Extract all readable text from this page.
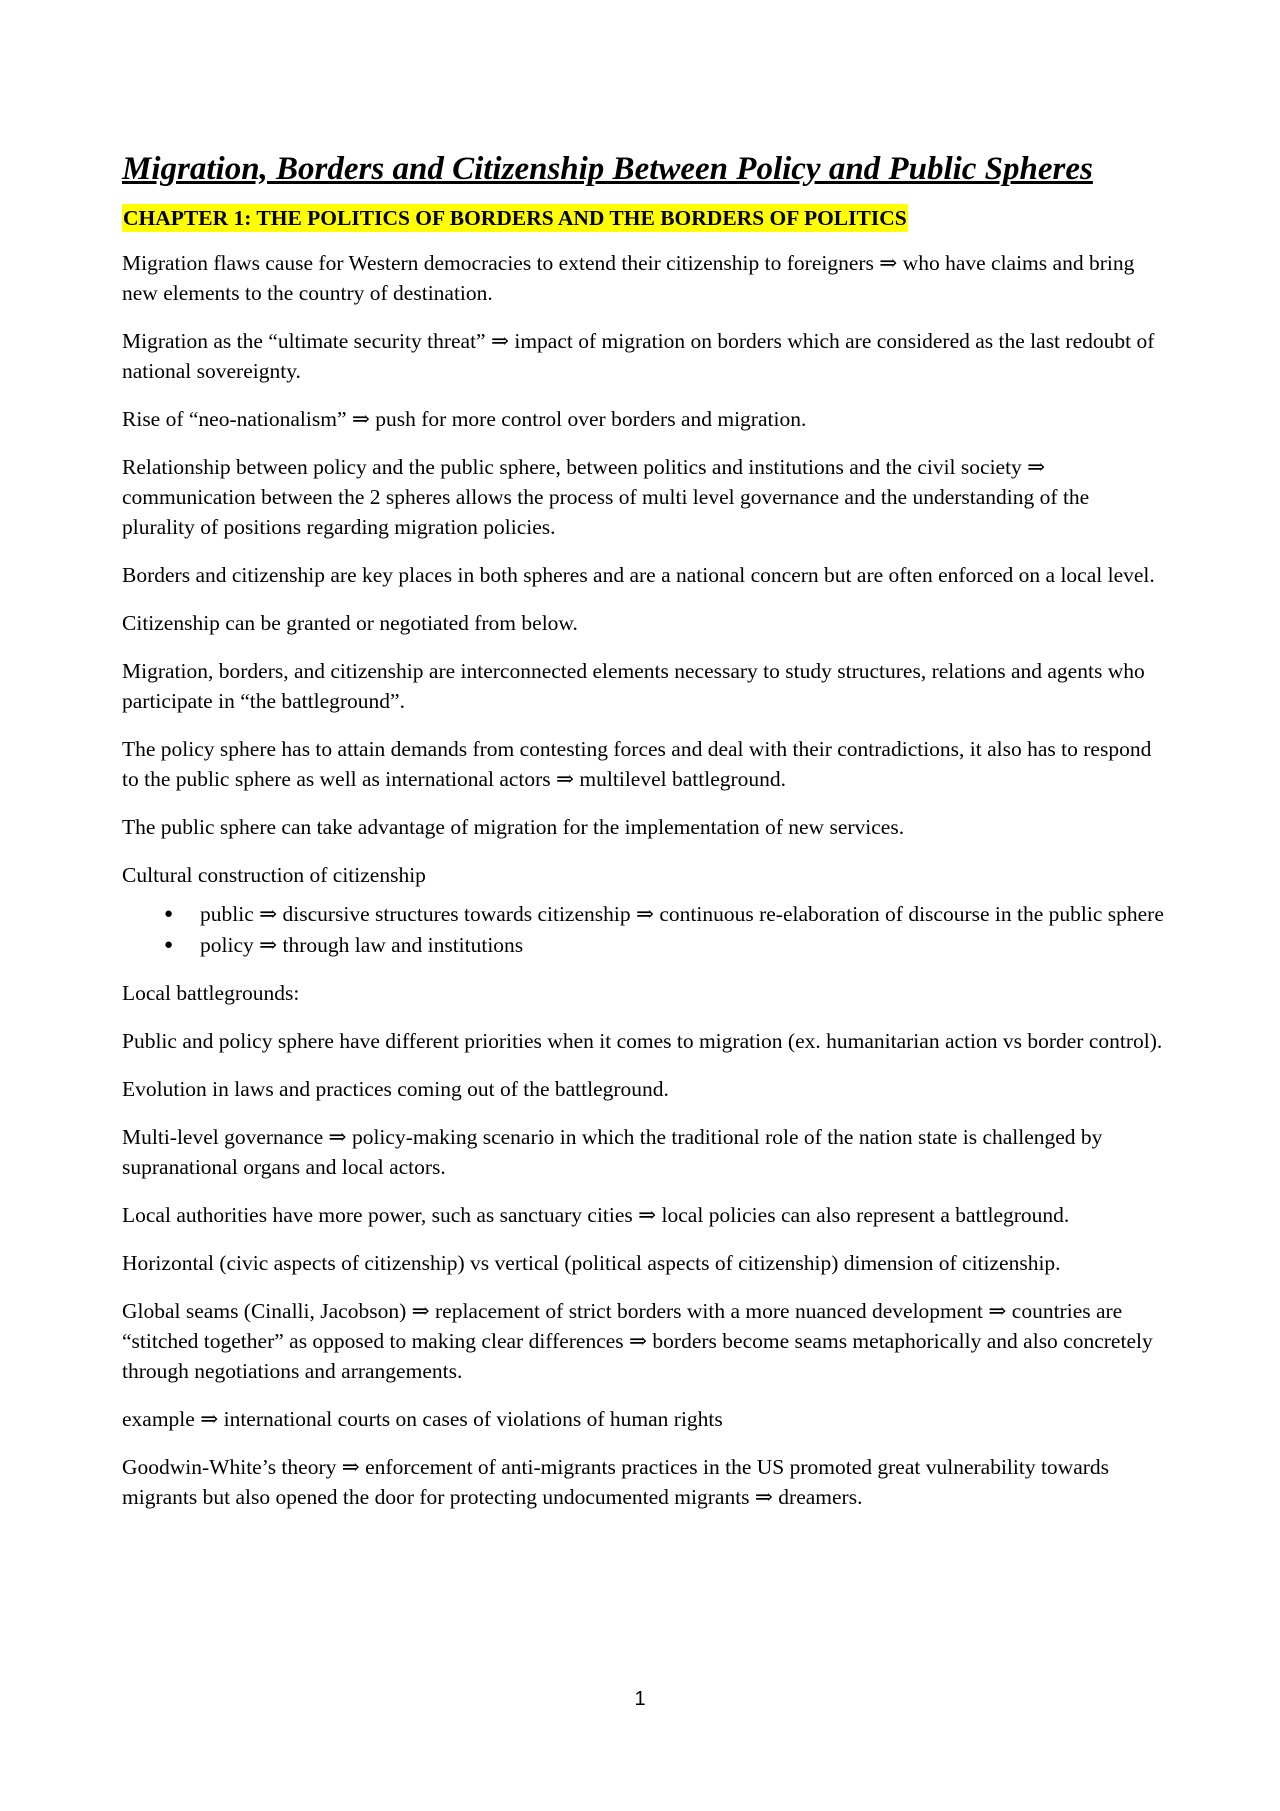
Migration, Borders and Citizenship Between Policy and Public Spheres
CHAPTER 1: THE POLITICS OF BORDERS AND THE BORDERS OF POLITICS

Migration flaws cause for Western democracies to extend their citizenship to foreigners ⇒ who have claims and bring new elements to the country of destination.

Migration as the “ultimate security threat” ⇒ impact of migration on borders which are considered as the last redoubt of national sovereignty.

Rise of “neo-nationalism” ⇒ push for more control over borders and migration.

Relationship between policy and the public sphere, between politics and institutions and the civil society ⇒ communication between the 2 spheres allows the process of multi level governance and the understanding of the plurality of positions regarding migration policies.

Borders and citizenship are key places in both spheres and are a national concern but are often enforced on a local level.

Citizenship can be granted or negotiated from below.

Migration, borders, and citizenship are interconnected elements necessary to study structures, relations and agents who participate in “the battleground”.

The policy sphere has to attain demands from contesting forces and deal with their contradictions, it also has to respond to the public sphere as well as international actors ⇒ multilevel battleground.

The public sphere can take advantage of migration for the implementation of new services.

Cultural construction of citizenship

● public ⇒ discursive structures towards citizenship ⇒ continuous re-elaboration of discourse in the public sphere
● policy ⇒ through law and institutions

Local battlegrounds:

Public and policy sphere have different priorities when it comes to migration (ex. humanitarian action vs border control).

Evolution in laws and practices coming out of the battleground.

Multi-level governance ⇒ policy-making scenario in which the traditional role of the nation state is challenged by supranational organs and local actors.

Local authorities have more power, such as sanctuary cities ⇒ local policies can also represent a battleground.

Horizontal (civic aspects of citizenship) vs vertical (political aspects of citizenship) dimension of citizenship.

Global seams (Cinalli, Jacobson) ⇒ replacement of strict borders with a more nuanced development ⇒ countries are “stitched together” as opposed to making clear differences ⇒ borders become seams metaphorically and also concretely through negotiations and arrangements.

example ⇒ international courts on cases of violations of human rights

Goodwin-White’s theory ⇒ enforcement of anti-migrants practices in the US promoted great vulnerability towards migrants but also opened the door for protecting undocumented migrants ⇒ dreamers.

1
